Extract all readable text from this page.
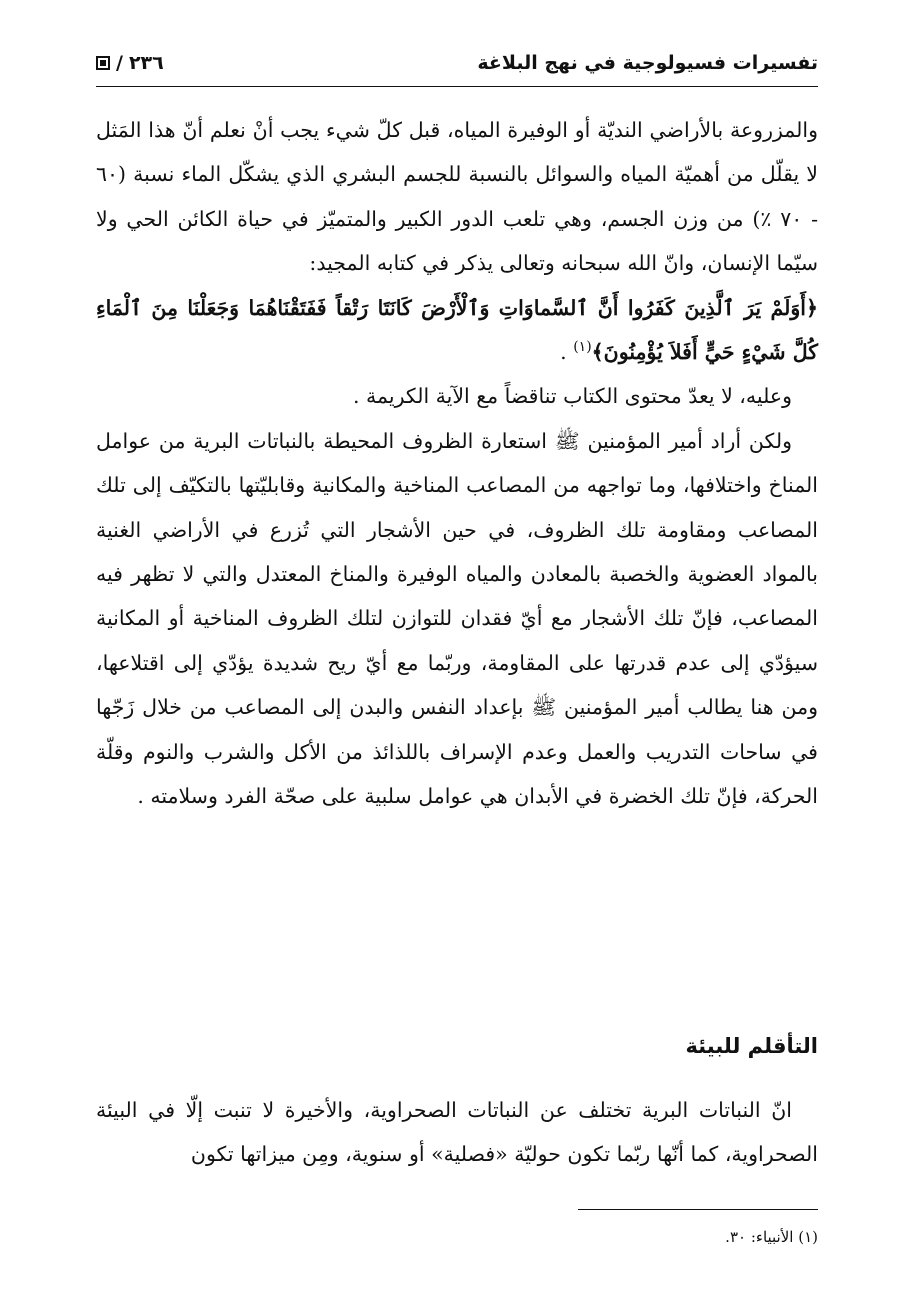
تفسيرات فسيولوجية في نهج البلاغة
/ ٢٣٦

والمزروعة بالأراضي النديّة أو الوفيرة المياه، قبل كلّ شيء يجب أنْ نعلم أنّ هذا المَثل لا يقلّل من أهميّة المياه والسوائل بالنسبة للجسم البشري الذي يشكّل الماء نسبة (٦٠ - ٧٠ ٪) من وزن الجسم، وهي تلعب الدور الكبير والمتميّز في حياة الكائن الحي ولا سيّما الإنسان، وانّ الله سبحانه وتعالى يذكر في كتابه المجيد:

﴿أَوَلَمْ يَرَ ٱلَّذِينَ كَفَرُوا أَنَّ ٱلسَّماوَاتِ وَٱلْأَرْضَ كَانَتَا رَتْقاً فَفَتَقْنَاهُمَا وَجَعَلْنَا مِنَ ٱلْمَاءِ كُلَّ شَيْءٍ حَيٍّ أَفَلاَ يُؤْمِنُونَ﴾$^{(١)}$ .

وعليه، لا يعدّ محتوى الكتاب تناقضاً مع الآية الكريمة .

ولكن أراد أمير المؤمنين ﷺ استعارة الظروف المحيطة بالنباتات البرية من عوامل المناخ واختلافها، وما تواجهه من المصاعب المناخية والمكانية وقابليّتها بالتكيّف إلى تلك المصاعب ومقاومة تلك الظروف، في حين الأشجار التي تُزرع في الأراضي الغنية بالمواد العضوية والخصبة بالمعادن والمياه الوفيرة والمناخ المعتدل والتي لا تظهر فيه المصاعب، فإنّ تلك الأشجار مع أيّ فقدان للتوازن لتلك الظروف المناخية أو المكانية سيؤدّي إلى عدم قدرتها على المقاومة، وربّما مع أيّ ريح شديدة يؤدّي إلى اقتلاعها، ومن هنا يطالب أمير المؤمنين ﷺ بإعداد النفس والبدن إلى المصاعب من خلال زَجّها في ساحات التدريب والعمل وعدم الإسراف باللذائذ من الأكل والشرب والنوم وقلّة الحركة، فإنّ تلك الخضرة في الأبدان هي عوامل سلبية على صحّة الفرد وسلامته .

التأقلم للبيئة

انّ النباتات البرية تختلف عن النباتات الصحراوية، والأخيرة لا تنبت إلّا في البيئة الصحراوية، كما أنّها ربّما تكون حوليّة «فصلية» أو سنوية، ومِن ميزاتها تكون

(١) الأنبياء: ٣٠.
